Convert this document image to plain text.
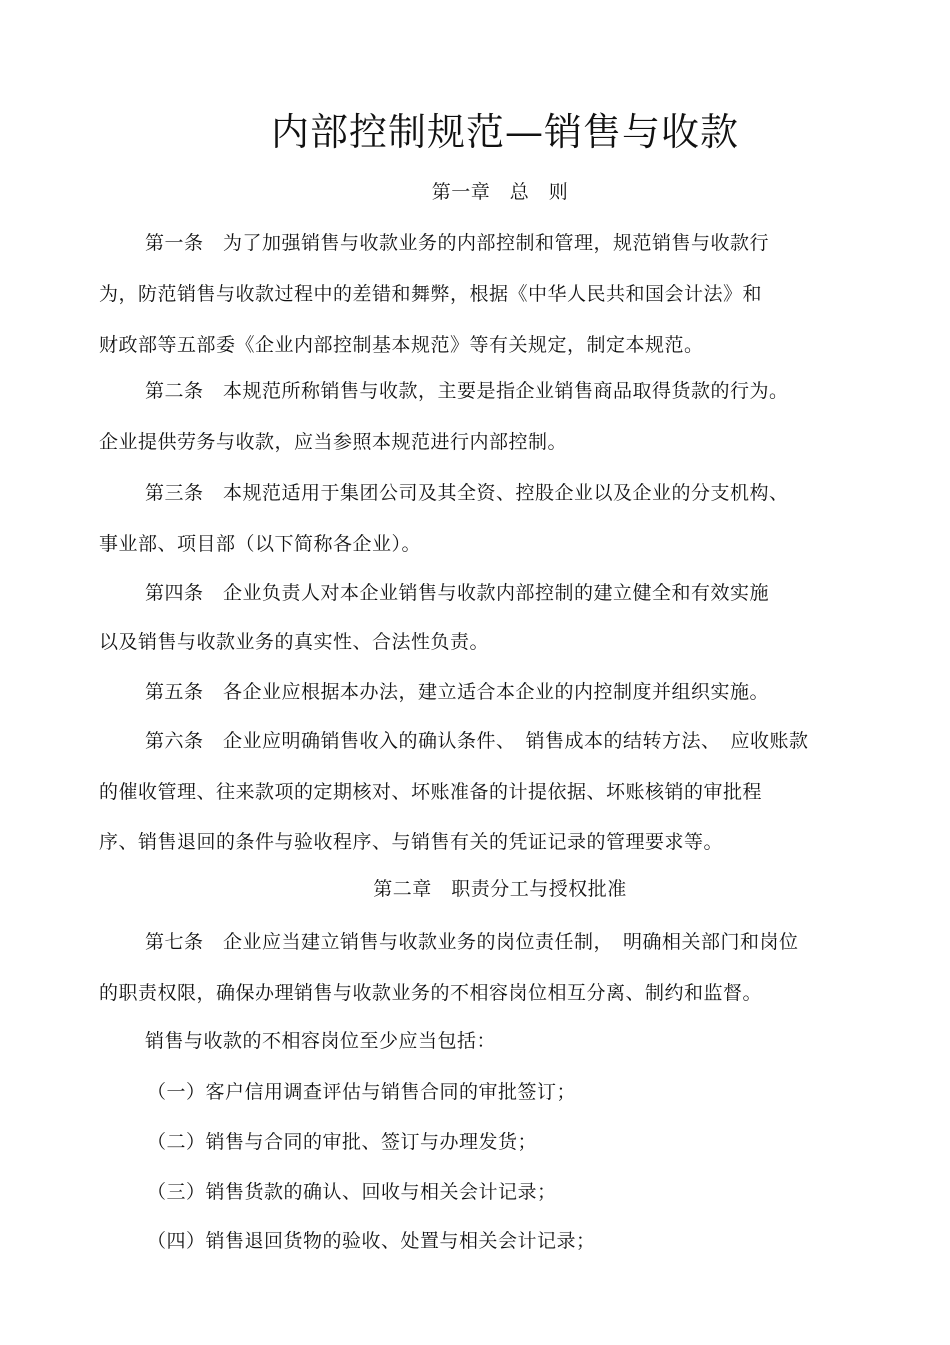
内部控制规范—销售与收款
第一章　总　则
第一条　为了加强销售与收款业务的内部控制和管理，规范销售与收款行
为，防范销售与收款过程中的差错和舞弊，根据《中华人民共和国会计法》和
财政部等五部委《企业内部控制基本规范》等有关规定，制定本规范。
第二条　本规范所称销售与收款，主要是指企业销售商品取得货款的行为。
企业提供劳务与收款，应当参照本规范进行内部控制。
第三条　本规范适用于集团公司及其全资、控股企业以及企业的分支机构、
事业部、项目部（以下简称各企业）。
第四条　企业负责人对本企业销售与收款内部控制的建立健全和有效实施
以及销售与收款业务的真实性、合法性负责。
第五条　各企业应根据本办法，建立适合本企业的内控制度并组织实施。
第六条　企业应明确销售收入的确认条件、　销售成本的结转方法、　应收账款
的催收管理、往来款项的定期核对、坏账准备的计提依据、坏账核销的审批程
序、销售退回的条件与验收程序、与销售有关的凭证记录的管理要求等。
第二章　职责分工与授权批准
第七条　企业应当建立销售与收款业务的岗位责任制，　明确相关部门和岗位
的职责权限，确保办理销售与收款业务的不相容岗位相互分离、制约和监督。
销售与收款的不相容岗位至少应当包括：
（一）客户信用调查评估与销售合同的审批签订；
（二）销售与合同的审批、签订与办理发货；
（三）销售货款的确认、回收与相关会计记录；
（四）销售退回货物的验收、处置与相关会计记录；
